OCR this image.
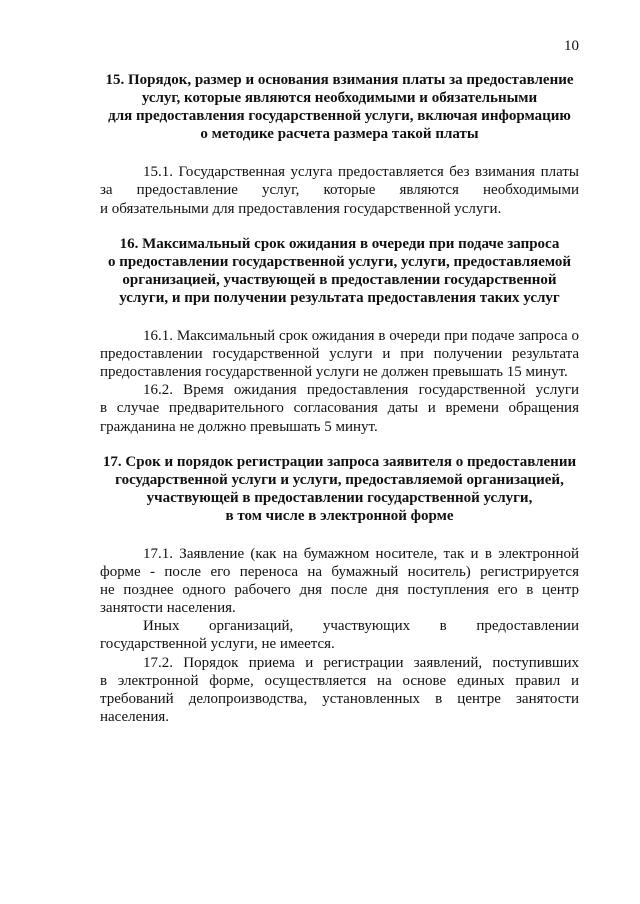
10
15. Порядок, размер и основания взимания платы за предоставление
услуг, которые являются необходимыми и обязательными
для предоставления государственной услуги, включая информацию
о методике расчета размера такой платы

15.1. Государственная услуга предоставляется без взимания платы
за предоставление услуг, которые являются необходимыми
и обязательными для предоставления государственной услуги.

16. Максимальный срок ожидания в очереди при подаче запроса
о предоставлении государственной услуги, услуги, предоставляемой
организацией, участвующей в предоставлении государственной
услуги, и при получении результата предоставления таких услуг

16.1. Максимальный срок ожидания в очереди при подаче запроса о
предоставлении государственной услуги и при получении результата
предоставления государственной услуги не должен превышать 15 минут.

16.2. Время ожидания предоставления государственной услуги
в случае предварительного согласования даты и времени обращения
гражданина не должно превышать 5 минут.

17. Срок и порядок регистрации запроса заявителя о предоставлении
государственной услуги и услуги, предоставляемой организацией,
участвующей в предоставлении государственной услуги,
в том числе в электронной форме

17.1. Заявление (как на бумажном носителе, так и в электронной
форме - после его переноса на бумажный носитель) регистрируется
не позднее одного рабочего дня после дня поступления его в центр
занятости населения.

Иных организаций, участвующих в предоставлении
государственной услуги, не имеется.

17.2. Порядок приема и регистрации заявлений, поступивших
в электронной форме, осуществляется на основе единых правил и
требований делопроизводства, установленных в центре занятости
населения.
